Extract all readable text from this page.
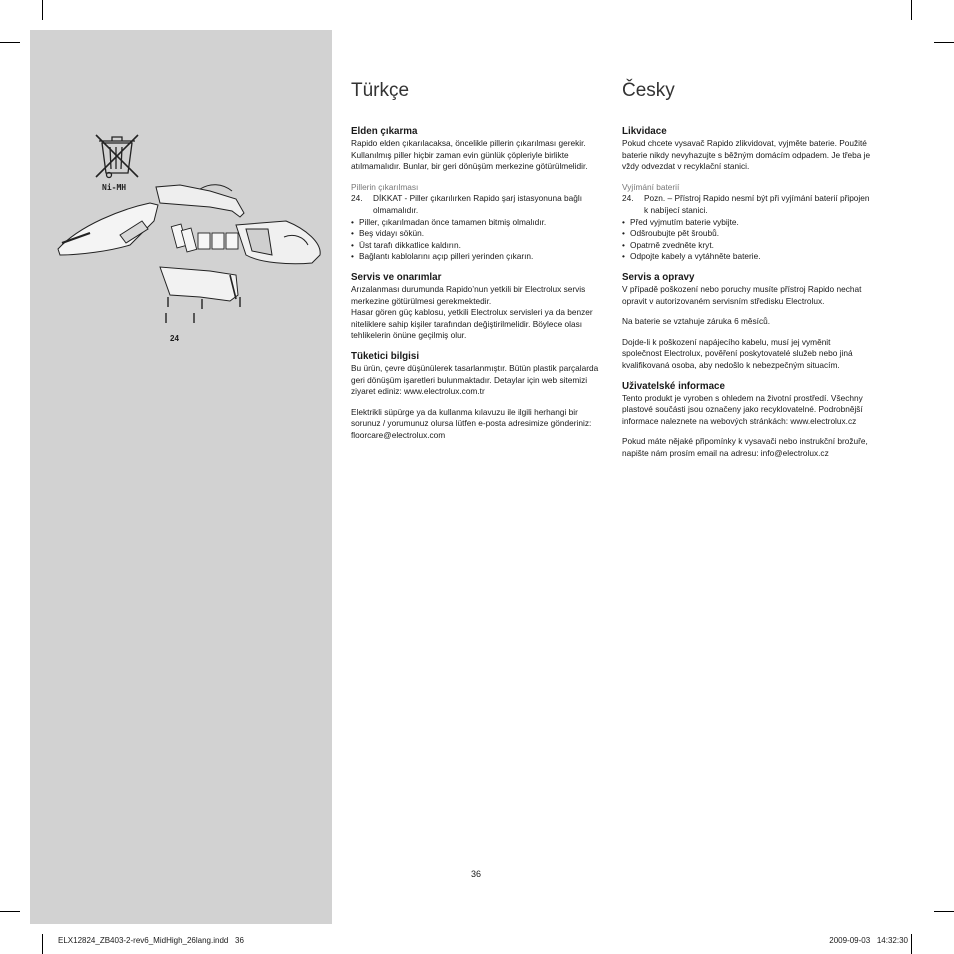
Ni-MH
24
Türkçe
Elden çıkarma

Rapido elden çıkarılacaksa, öncelikle pillerin çıkarılması gerekir. Kullanılmış piller hiçbir zaman evin günlük çöpleriyle birlikte atılmamalıdır. Bunlar, bir geri dönüşüm merkezine götürülmelidir.

Pillerin çıkarılması
24. DİKKAT - Piller çıkarılırken Rapido şarj istasyonuna bağlı olmamalıdır.
• Piller, çıkarılmadan önce tamamen bitmiş olmalıdır.
• Beş vidayı sökün.
• Üst tarafı dikkatlice kaldırın.
• Bağlantı kablolarını açıp pilleri yerinden çıkarın.
Servis ve onarımlar
Arızalanması durumunda Rapido’nun yetkili bir Electrolux servis merkezine götürülmesi gerekmektedir.

Hasar gören güç kablosu, yetkili Electrolux servisleri ya da benzer niteliklere sahip kişiler tarafından değiştirilmelidir. Böylece olası tehlikelerin önüne geçilmiş olur.

Tüketici bilgisi

Bu ürün, çevre düşünülerek tasarlanmıştır. Bütün plastik parçalarda geri dönüşüm işaretleri bulunmaktadır. Detaylar için web sitemizi ziyaret ediniz: www.electrolux.com.tr

Elektrikli süpürge ya da kullanma kılavuzu ile ilgili herhangi bir sorunuz / yorumunuz olursa lütfen e-posta adresimize gönderiniz: floorcare@electrolux.com

Česky
Likvidace

Pokud chcete vysavač Rapido zlikvidovat, vyjměte baterie. Použité baterie nikdy nevyhazujte s běžným domácím odpadem. Je třeba je vždy odvezdat v recyklační stanici.

Vyjímání baterií
24. Pozn. – Přístroj Rapido nesmí být při vyjímání baterií připojen k nabíjecí stanici.
• Před vyjmutím baterie vybijte.
• Odšroubujte pět šroubů.
• Opatrně zvedněte kryt.
• Odpojte kabely a vytáhněte baterie.
Servis a opravy

V případě poškození nebo poruchy musíte přístroj Rapido nechat opravit v autorizovaném servisním středisku Electrolux.

Na baterie se vztahuje záruka 6 měsíců.

Dojde-li k poškození napájecího kabelu, musí jej vyměnit společnost Electrolux, pověření poskytovatelé služeb nebo jiná kvalifikovaná osoba, aby nedošlo k nebezpečným situacím.

Uživatelské informace

Tento produkt je vyroben s ohledem na životní prostředí. Všechny plastové součásti jsou označeny jako recyklovatelné. Podrobnější informace naleznete na webových stránkách: www.electrolux.cz

Pokud máte nějaké připomínky k vysavači nebo instrukční brožuře, napište nám prosím email na adresu: info@electrolux.cz

36
ELX12824_ZB403-2-rev6_MidHigh_26lang.indd   36	2009-09-03   14:32:30
